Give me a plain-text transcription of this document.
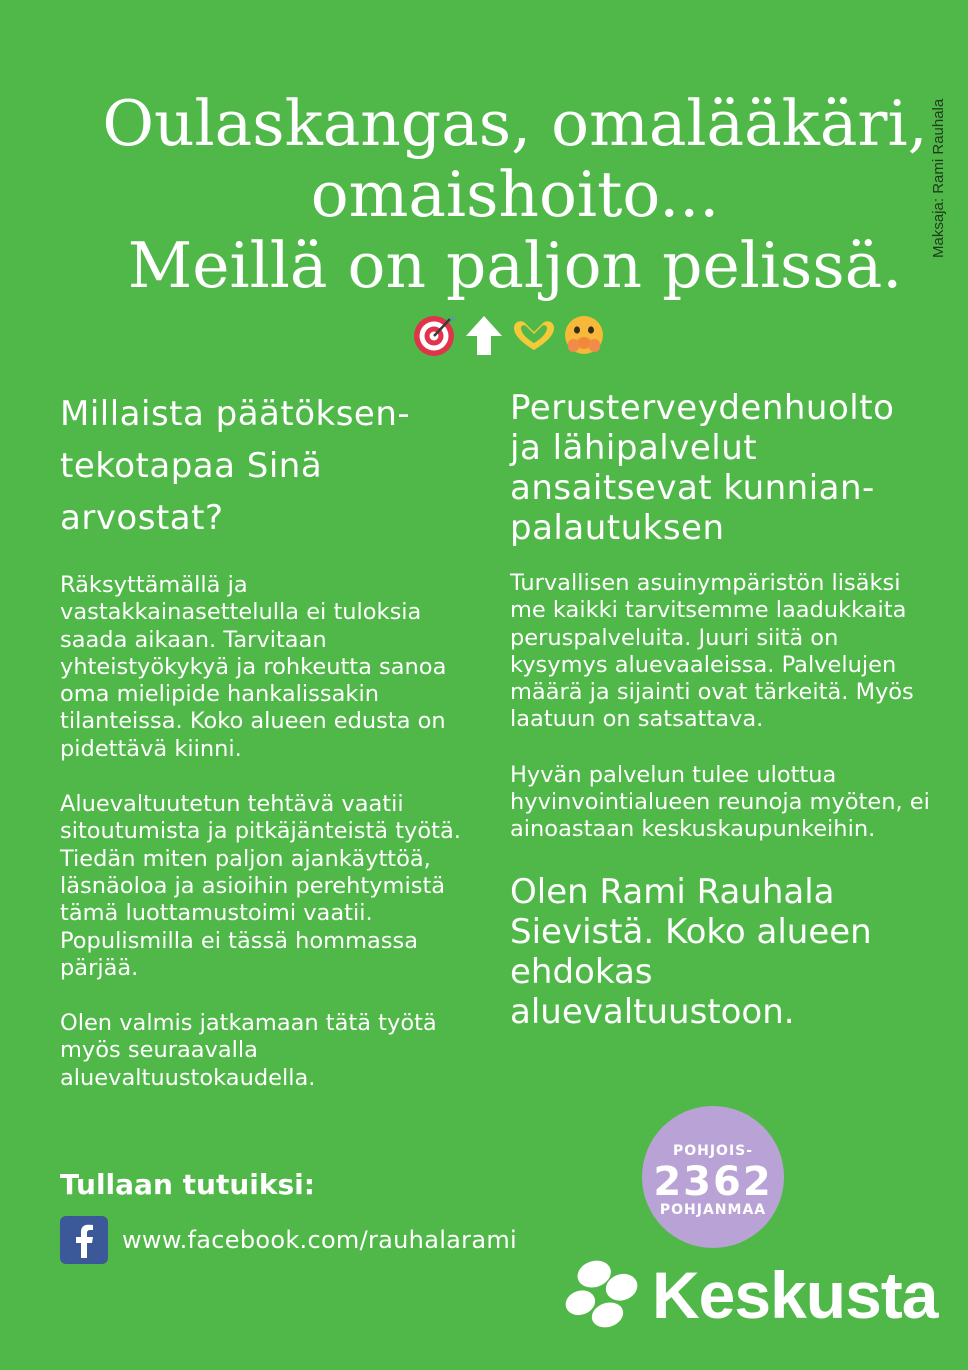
Maksaja: Rami Rauhala
Oulaskangas, omalääkäri,
omaishoito...
Meillä on paljon pelissä.
Millaista päätöksen-tekotapaa Sinä arvostat?
Räksyttämällä ja vastakkainasettelulla ei tuloksia saada aikaan. Tarvitaan yhteistyökykyä ja rohkeutta sanoa oma mielipide hankalissakin tilanteissa. Koko alueen edusta on pidettävä kiinni.
Aluevaltuutetun tehtävä vaatii sitoutumista ja pitkäjänteistä työtä. Tiedän miten paljon ajankäyttöä, läsnäoloa ja asioihin perehtymistä tämä luottamustoimi vaatii. Populismilla ei tässä hommassa pärjää.
Olen valmis jatkamaan tätä työtä myös seuraavalla aluevaltuustokaudella.
Perusterveydenhuolto ja lähipalvelut ansaitsevat kunnian-palautuksen
Turvallisen asuinympäristön lisäksi me kaikki tarvitsemme laadukkaita peruspalveluita. Juuri siitä on kysymys aluevaaleissa. Palvelujen määrä ja sijainti ovat tärkeitä. Myös laatuun on satsattava.
Hyvän palvelun tulee ulottua hyvinvointialueen reunoja myöten, ei ainoastaan keskuskaupunkeihin.
Olen Rami Rauhala Sievistä. Koko alueen ehdokas aluevaltuustoon.
Tullaan tutuiksi:
www.facebook.com/rauhalarami
POHJOIS-
2362
POHJANMAA
Keskusta
